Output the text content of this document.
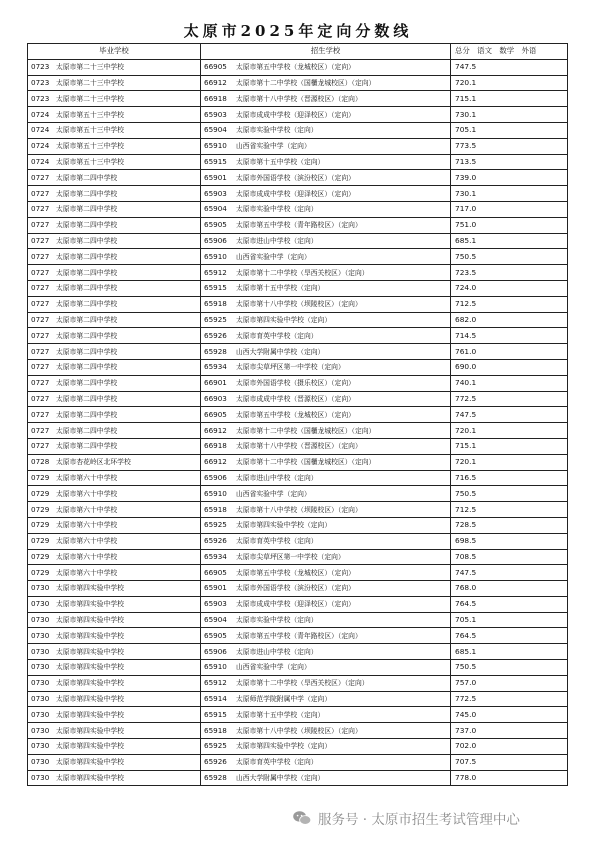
太原市2025年定向分数线
毕业学校	招生学校	总分　语文　数学　外语
0723 太原市第二十三中学校	66905 太原市第五中学校（龙城校区）（定向）	747.5
0723 太原市第二十三中学校	66912 太原市第十二中学校（国櫃龙城校区）（定向）	720.1
0723 太原市第二十三中学校	66918 太原市第十八中学校（晋源校区）（定向）	715.1
0724 太原市第五十三中学校	65903 太原市成成中学校（迎泽校区）（定向）	730.1
0724 太原市第五十三中学校	65904 太原市实验中学校（定向）	705.1
0724 太原市第五十三中学校	65910 山西省实验中学（定向）	773.5
0724 太原市第五十三中学校	65915 太原市第十五中学校（定向）	713.5
0727 太原市第二四中学校	65901 太原市外国语学校（滨汾校区）（定向）	739.0
0727 太原市第二四中学校	65903 太原市成成中学校（迎泽校区）（定向）	730.1
0727 太原市第二四中学校	65904 太原市实验中学校（定向）	717.0
0727 太原市第二四中学校	65905 太原市第五中学校（青年路校区）（定向）	751.0
0727 太原市第二四中学校	65906 太原市进山中学校（定向）	685.1
0727 太原市第二四中学校	65910 山西省实验中学（定向）	750.5
0727 太原市第二四中学校	65912 太原市第十二中学校（旱西关校区）（定向）	723.5
0727 太原市第二四中学校	65915 太原市第十五中学校（定向）	724.0
0727 太原市第二四中学校	65918 太原市第十八中学校（坝陵校区）（定向）	712.5
0727 太原市第二四中学校	65925 太原市第四实验中学校（定向）	682.0
0727 太原市第二四中学校	65926 太原市育英中学校（定向）	714.5
0727 太原市第二四中学校	65928 山西大学附属中学校（定向）	761.0
0727 太原市第二四中学校	65934 太原市尖草坪区第一中学校（定向）	690.0
0727 太原市第二四中学校	66901 太原市外国语学校（摄乐校区）（定向）	740.1
0727 太原市第二四中学校	66903 太原市成成中学校（晋源校区）（定向）	772.5
0727 太原市第二四中学校	66905 太原市第五中学校（龙城校区）（定向）	747.5
0727 太原市第二四中学校	66912 太原市第十二中学校（国櫃龙城校区）（定向）	720.1
0727 太原市第二四中学校	66918 太原市第十八中学校（晋源校区）（定向）	715.1
0728 太原市杏花岭区北环学校	66912 太原市第十二中学校（国櫃龙城校区）（定向）	720.1
0729 太原市第六十中学校	65906 太原市进山中学校（定向）	716.5
0729 太原市第六十中学校	65910 山西省实验中学（定向）	750.5
0729 太原市第六十中学校	65918 太原市第十八中学校（坝陵校区）（定向）	712.5
0729 太原市第六十中学校	65925 太原市第四实验中学校（定向）	728.5
0729 太原市第六十中学校	65926 太原市育英中学校（定向）	698.5
0729 太原市第六十中学校	65934 太原市尖草坪区第一中学校（定向）	708.5
0729 太原市第六十中学校	66905 太原市第五中学校（龙城校区）（定向）	747.5
0730 太原市第四实验中学校	65901 太原市外国语学校（滨汾校区）（定向）	768.0
0730 太原市第四实验中学校	65903 太原市成成中学校（迎泽校区）（定向）	764.5
0730 太原市第四实验中学校	65904 太原市实验中学校（定向）	705.1
0730 太原市第四实验中学校	65905 太原市第五中学校（青年路校区）（定向）	764.5
0730 太原市第四实验中学校	65906 太原市进山中学校（定向）	685.1
0730 太原市第四实验中学校	65910 山西省实验中学（定向）	750.5
0730 太原市第四实验中学校	65912 太原市第十二中学校（旱西关校区）（定向）	757.0
0730 太原市第四实验中学校	65914 太原师范学院附属中学（定向）	772.5
0730 太原市第四实验中学校	65915 太原市第十五中学校（定向）	745.0
0730 太原市第四实验中学校	65918 太原市第十八中学校（坝陵校区）（定向）	737.0
0730 太原市第四实验中学校	65925 太原市第四实验中学校（定向）	702.0
0730 太原市第四实验中学校	65926 太原市育英中学校（定向）	707.5
0730 太原市第四实验中学校	65928 山西大学附属中学校（定向）	778.0
服务号 · 太原市招生考试管理中心
